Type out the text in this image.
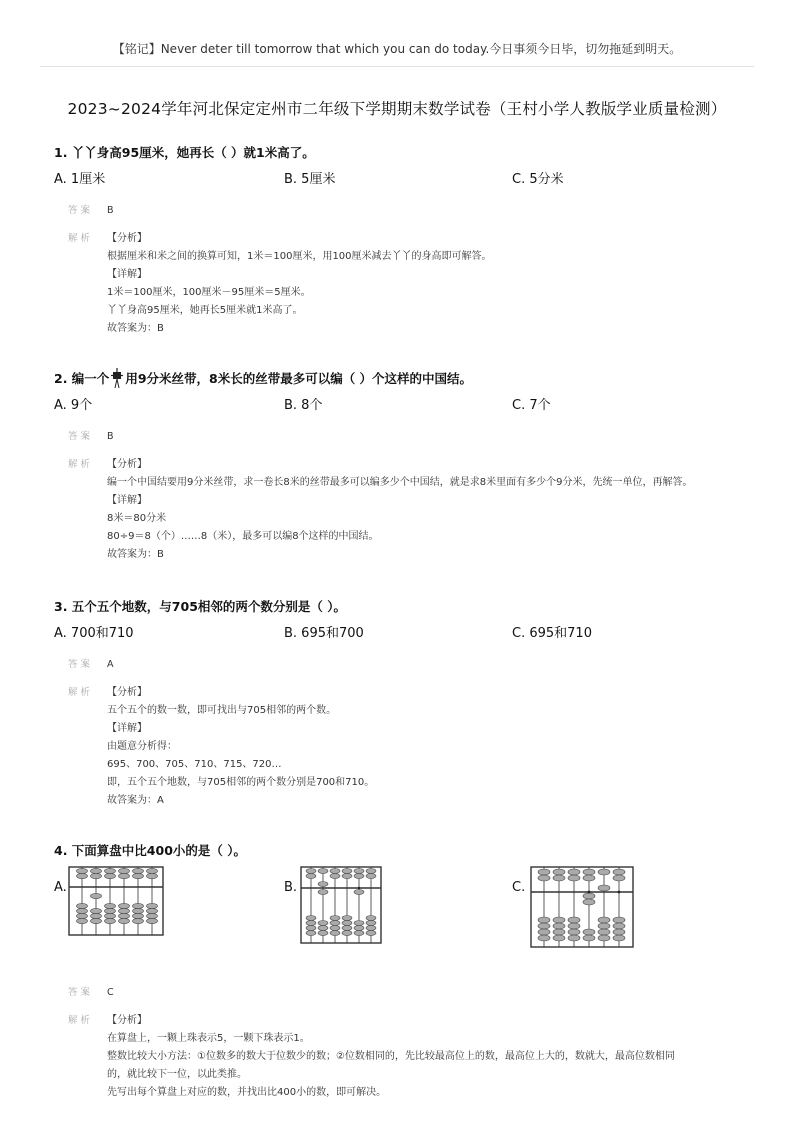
【铭记】Never deter till tomorrow that which you can do today.今日事须今日毕，切勿拖延到明天。
2023~2024学年河北保定定州市二年级下学期期末数学试卷（王村小学人教版学业质量检测）
1. 丫丫身高95厘米，她再长（ ）就1米高了。
A. 1厘米	B. 5厘米	C. 5分米
答案 B
解析 【分析】
根据厘米和米之间的换算可知，1米＝100厘米，用100厘米减去丫丫的身高即可解答。
【详解】
1米＝100厘米，100厘米－95厘米＝5厘米。
丫丫身高95厘米，她再长5厘米就1米高了。
故答案为：B
2. 编一个 用9分米丝带，8米长的丝带最多可以编（ ）个这样的中国结。
A. 9个	B. 8个	C. 7个
答案 B
解析 【分析】
编一个中国结要用9分米丝带，求一卷长8米的丝带最多可以编多少个中国结，就是求8米里面有多少个9分米，先统一单位，再解答。
【详解】
8米＝80分米
80÷9＝8（个）……8（米），最多可以编8个这样的中国结。
故答案为：B
3. 五个五个地数，与705相邻的两个数分别是（ ）。
A. 700和710	B. 695和700	C. 695和710
答案 A
解析 【分析】
五个五个的数一数，即可找出与705相邻的两个数。
【详解】
由题意分析得：
695、700、705、710、715、720…
即，五个五个地数，与705相邻的两个数分别是700和710。
故答案为：A
4. 下面算盘中比400小的是（ ）。
A.	B.	C.
答案 C
解析 【分析】
在算盘上，一颗上珠表示5，一颗下珠表示1。
整数比较大小方法：①位数多的数大于位数少的数；②位数相同的，先比较最高位上的数，最高位上大的，数就大，最高位数相同
的，就比较下一位，以此类推。
先写出每个算盘上对应的数，并找出比400小的数，即可解决。
